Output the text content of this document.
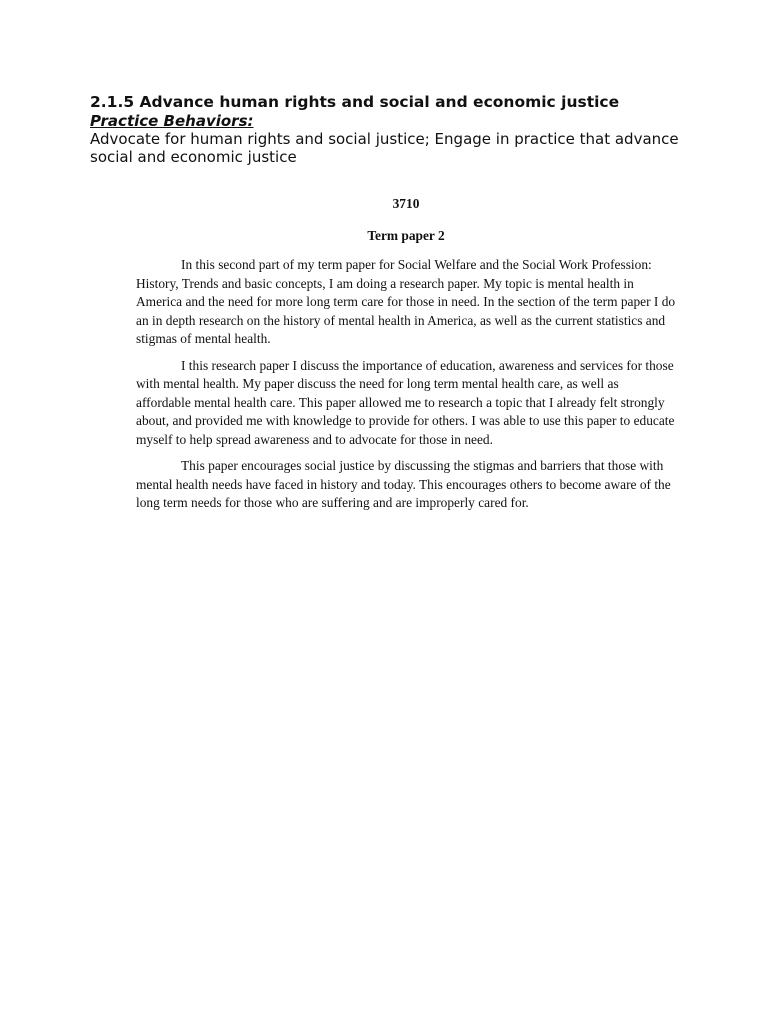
2.1.5 Advance human rights and social and economic justice

Practice Behaviors:

Advocate for human rights and social justice; Engage in practice that advance social and economic justice

3710

Term paper 2

In this second part of my term paper for Social Welfare and the Social Work Profession: History, Trends and basic concepts, I am doing a research paper. My topic is mental health in America and the need for more long term care for those in need. In the section of the term paper I do an in depth research on the history of mental health in America, as well as the current statistics and stigmas of mental health.

I this research paper I discuss the importance of education, awareness and services for those with mental health. My paper discuss the need for long term mental health care, as well as affordable mental health care. This paper allowed me to research a topic that I already felt strongly about, and provided me with knowledge to provide for others. I was able to use this paper to educate myself to help spread awareness and to advocate for those in need.

This paper encourages social justice by discussing the stigmas and barriers that those with mental health needs have faced in history and today. This encourages others to become aware of the long term needs for those who are suffering and are improperly cared for.
